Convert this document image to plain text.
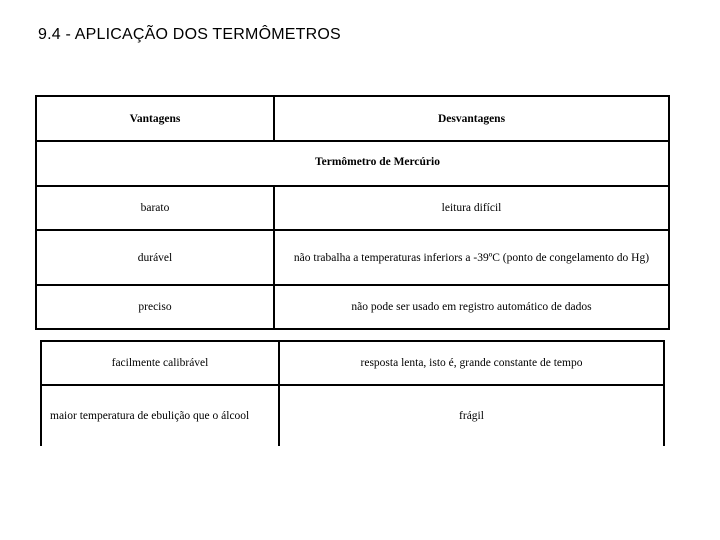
9.4 - APLICAÇÃO DOS TERMÔMETROS
Vantagens	Desvantagens
Termômetro de Mercúrio	
barato	leitura difícil
durável	não trabalha a temperaturas inferiors a -39ºC (ponto de congelamento do Hg)
preciso	não pode ser usado em registro automático de dados
facilmente calibrável	resposta lenta, isto é, grande constante de tempo
maior temperatura de ebulição que o álcool	frágil
